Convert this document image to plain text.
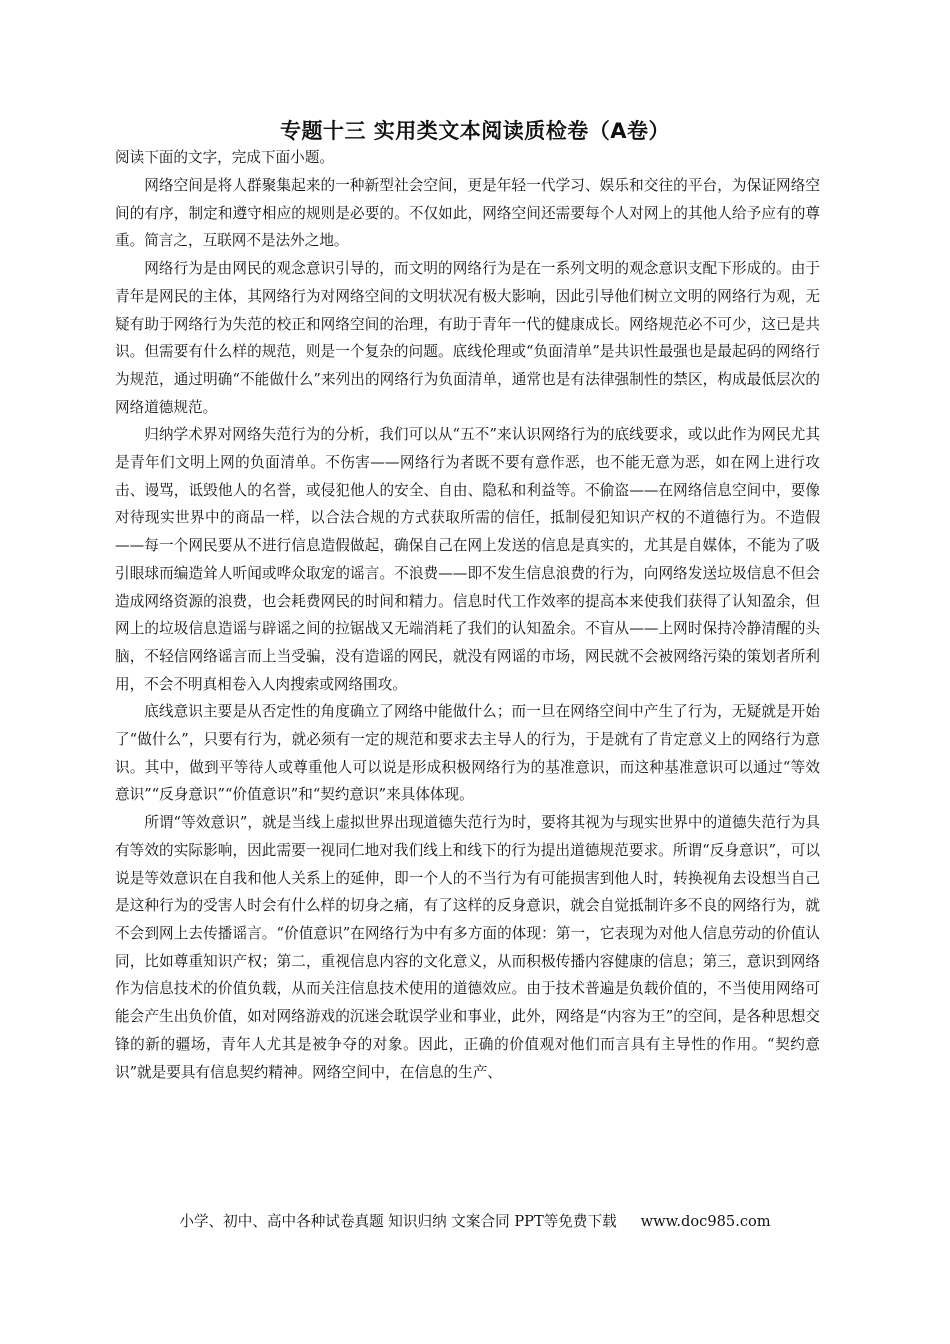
专题十三 实用类文本阅读质检卷（A卷）

阅读下面的文字，完成下面小题。

网络空间是将人群聚集起来的一种新型社会空间，更是年轻一代学习、娱乐和交往的平台，为保证网络空间的有序，制定和遵守相应的规则是必要的。不仅如此，网络空间还需要每个人对网上的其他人给予应有的尊重。简言之，互联网不是法外之地。

网络行为是由网民的观念意识引导的，而文明的网络行为是在一系列文明的观念意识支配下形成的。由于青年是网民的主体，其网络行为对网络空间的文明状况有极大影响，因此引导他们树立文明的网络行为观，无疑有助于网络行为失范的校正和网络空间的治理，有助于青年一代的健康成长。网络规范必不可少，这已是共识。但需要有什么样的规范，则是一个复杂的问题。底线伦理或“负面清单”是共识性最强也是最起码的网络行为规范，通过明确“不能做什么”来列出的网络行为负面清单，通常也是有法律强制性的禁区，构成最低层次的网络道德规范。

归纳学术界对网络失范行为的分析，我们可以从“五不”来认识网络行为的底线要求，或以此作为网民尤其是青年们文明上网的负面清单。不伤害——网络行为者既不要有意作恶，也不能无意为恶，如在网上进行攻击、谩骂，诋毁他人的名誉，或侵犯他人的安全、自由、隐私和利益等。不偷盗——在网络信息空间中，要像对待现实世界中的商品一样，以合法合规的方式获取所需的信任，抵制侵犯知识产权的不道德行为。不造假——每一个网民要从不进行信息造假做起，确保自己在网上发送的信息是真实的，尤其是自媒体，不能为了吸引眼球而编造耸人听闻或哗众取宠的谣言。不浪费——即不发生信息浪费的行为，向网络发送垃圾信息不但会造成网络资源的浪费，也会耗费网民的时间和精力。信息时代工作效率的提高本来使我们获得了认知盈余，但网上的垃圾信息造谣与辟谣之间的拉锯战又无端消耗了我们的认知盈余。不盲从——上网时保持冷静清醒的头脑，不轻信网络谣言而上当受骗，没有造谣的网民，就没有网谣的市场，网民就不会被网络污染的策划者所利用，不会不明真相卷入人肉搜索或网络围攻。

底线意识主要是从否定性的角度确立了网络中能做什么；而一旦在网络空间中产生了行为，无疑就是开始了“做什么”，只要有行为，就必须有一定的规范和要求去主导人的行为，于是就有了肯定意义上的网络行为意识。其中，做到平等待人或尊重他人可以说是形成积极网络行为的基准意识，而这种基准意识可以通过“等效意识”“反身意识”“价值意识”和“契约意识”来具体体现。

所谓“等效意识”，就是当线上虚拟世界出现道德失范行为时，要将其视为与现实世界中的道德失范行为具有等效的实际影响，因此需要一视同仁地对我们线上和线下的行为提出道德规范要求。所谓“反身意识”，可以说是等效意识在自我和他人关系上的延伸，即一个人的不当行为有可能损害到他人时，转换视角去设想当自己是这种行为的受害人时会有什么样的切身之痛，有了这样的反身意识，就会自觉抵制许多不良的网络行为，就不会到网上去传播谣言。“价值意识”在网络行为中有多方面的体现：第一，它表现为对他人信息劳动的价值认同，比如尊重知识产权；第二，重视信息内容的文化意义，从而积极传播内容健康的信息；第三，意识到网络作为信息技术的价值负载，从而关注信息技术使用的道德效应。由于技术普遍是负载价值的，不当使用网络可能会产生出负价值，如对网络游戏的沉迷会耽误学业和事业，此外，网络是“内容为王”的空间，是各种思想交锋的新的疆场，青年人尤其是被争夺的对象。因此，正确的价值观对他们而言具有主导性的作用。“契约意识”就是要具有信息契约精神。网络空间中，在信息的生产、

小学、初中、高中各种试卷真题 知识归纳 文案合同 PPT等免费下载 www.doc985.com
